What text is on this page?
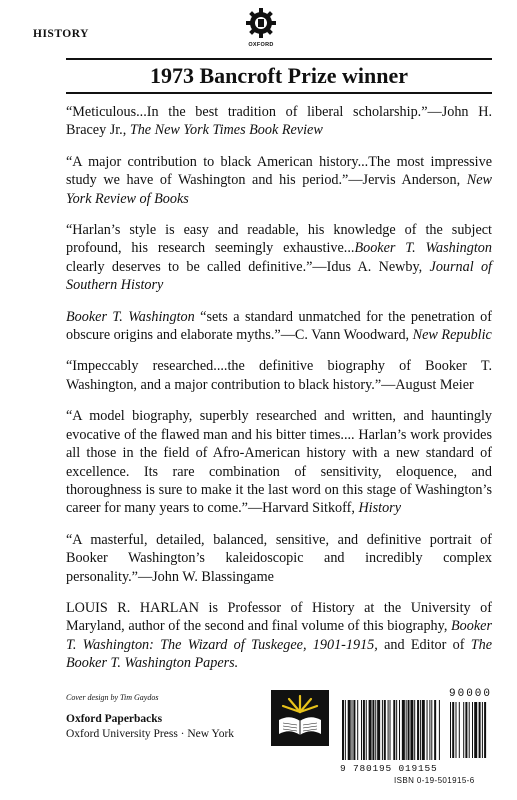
HISTORY
OXFORD
1973 Bancroft Prize winner

“Meticulous...In the best tradition of liberal scholarship.”—John H. Bracey Jr., The New York Times Book Review

“A major contribution to black American history...The most impressive study we have of Washington and his period.”—Jervis Anderson, New York Review of Books

“Harlan’s style is easy and readable, his knowledge of the subject profound, his research seemingly exhaustive...Booker T. Washington clearly deserves to be called definitive.”—Idus A. Newby, Journal of Southern History

Booker T. Washington “sets a standard unmatched for the penetration of obscure origins and elaborate myths.”—C. Vann Woodward, New Republic

“Impeccably researched....the definitive biography of Booker T. Washington, and a major contribution to black history.”—August Meier

“A model biography, superbly researched and written, and hauntingly evocative of the flawed man and his bitter times.... Harlan’s work provides all those in the field of Afro-American history with a new standard of excellence. Its rare combination of sensitivity, eloquence, and thoroughness is sure to make it the last word on this stage of Washington’s career for many years to come.”—Harvard Sitkoff, History

“A masterful, detailed, balanced, sensitive, and definitive portrait of Booker Washington’s kaleidoscopic and incredibly complex personality.”—John W. Blassingame

LOUIS R. HARLAN is Professor of History at the University of Maryland, author of the second and final volume of this biography, Booker T. Washington: The Wizard of Tuskegee, 1901-1915, and Editor of The Booker T. Washington Papers.

Cover design by Tim Gaydos
Oxford Paperbacks
Oxford University Press · New York
90000
9 780195 019155
ISBN 0-19-501915-6
